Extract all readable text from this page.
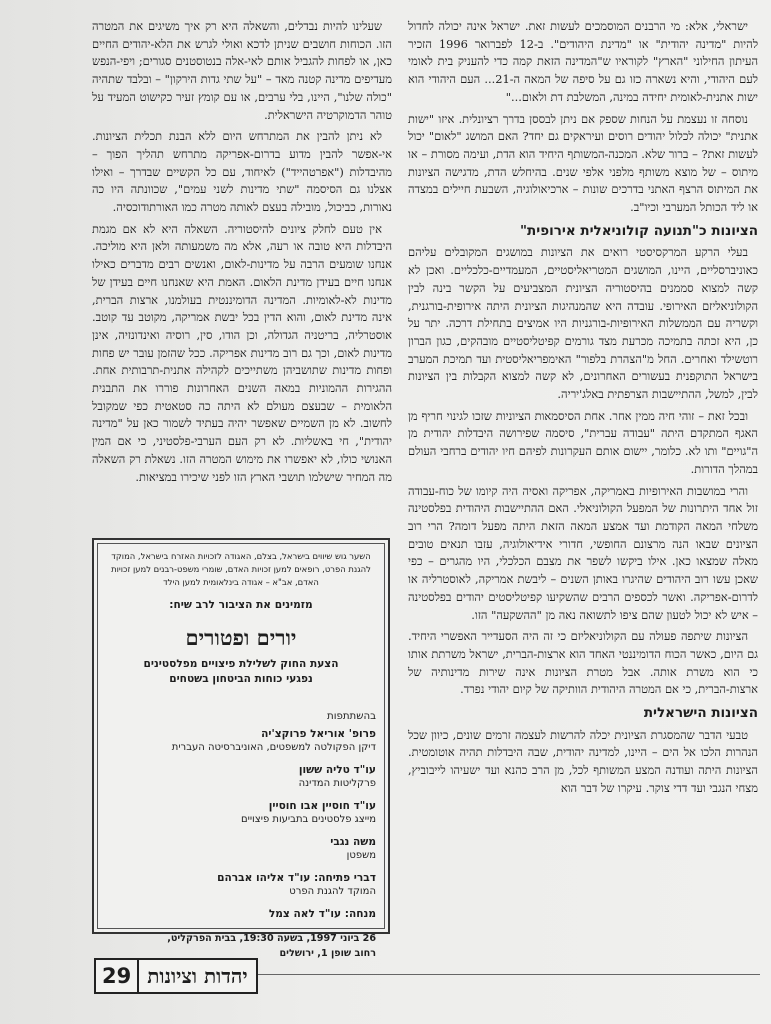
ישראלי, אלא: מי הרבנים המוסמכים לעשות זאת. ישראל אינה יכולה לחדול להיות "מדינה יהודית" או "מדינת היהודים". ב-12 לפברואר 1996 הזכיר העיתון החילוני "הארץ" לקוראיו ש"המדינה הזאת קמה כדי להעניק בית לאומי לעם היהודי, והיא נשארה כזו גם על סיפה של המאה ה-21... העם היהודי הוא ישות אתנית-לאומית יחידה במינה, המשלבת דת ולאום..."

נוסחה זו נעצמת על הנחות שספק אם ניתן לבססן בדרך רציונלית. איזו "ישות אתנית" יכולה לכלול יהודים רוסים ועיראקים גם יחד? האם המושג "לאום" יכול לעשות זאת? – ברור שלא. המכנה-המשותף היחיד הוא הדת, ועימה מסורת – או מיתוס – של מוצא משותף מלפני אלפי שנים. בהיחלש הדת, מדגישה הציונות את המיתוס הרצף האתני בדרכים שונות – ארכיאולוגיה, השבעת חיילים במצדה או ליד הכותל המערבי וכיו"ב.

הציונות כ"תנועה קולוניאלית אירופית"

בעלי הרקע המרקסיסטי רואים את הציונות במושגים המקובלים עליהם כאוניברסליים, היינו, המושגים המטריאליסטיים, המעמדיים-כלכליים. ואכן לא קשה למצוא סממנים בהיסטוריה הציונית המצביעים על הקשר בינה לבין הקולוניאליזם האירופי. עובדה היא שהמנהיגות הציונית היתה אירופית-בורגנית, וקשריה עם הממשלות האירופיות-בורגניות היו אמיצים בתחילת דרכה. יתר על כן, היא זכתה בתמיכה מכרעת מצד גורמים קפיטליסטיים מובהקים, כגון הברון רוטשילד ואחרים. החל מ"הצהרת בלפור" האימפריאליסטית ועד תמיכת המערב בישראל התוקפנית בעשורים האחרונים, לא קשה למצוא הקבלות בין הציונות לבין, למשל, ההתיישבות הצרפתית באלג'יריה.

ובכל זאת – זוהי חיה ממין אחר. אחת הסיסמאות הציוניות שזכו לגינוי חריף מן האגף המתקדם היתה "עבודה עברית", סיסמה שפירושה היבדלות יהודית מן ה"גויים" ותו לא. כלומר, יישום אותם העקרונות לפיהם חיו יהודים ברחבי העולם במהלך הדורות.

והרי במושבות האירופיות באמריקה, אפריקה ואסיה היה קיומו של כוח-עבודה זול אחד היתרונות של המפעל הקולוניאלי. האם ההתיישבות היהודית בפלסטינה משלחי המאה הקודמת ועד אמצע המאה הזאת היתה מפעל דומה? הרי רוב הציונים שבאו הנה מרצונם החופשי, חדורי אידיאולוגיה, עזבו תנאים טובים מאלה שמצאו כאן. אילו ביקשו לשפר את מצבם הכלכלי, היו מהגרים – כפי שאכן עשו רוב היהודים שהיגרו באותן השנים – ליבשת אמריקה, לאוסטרליה או לדרום-אפריקה. ואשר לכספים הרבים שהשקיעו קפיטליסטים יהודים בפלסטינה – איש לא יכול לטעון שהם ציפו לתשואה נאה מן "ההשקעה" הזו.

הציונות שיתפה פעולה עם הקולוניאליזם כי זה היה הסעדייר האפשרי היחיד. גם היום, כאשר הכוח הדומיננטי האחד הוא ארצות-הברית, ישראל משרתת אותו כי הוא משרת אותה. אבל מטרת הציונות אינה שירות מדינותיה של ארצות-הברית, כי אם המטרה היהודית הוותיקה של קיום יהודי נפרד.

הציונות הישראלית

טבעי הדבר שהמסגרת הציונית יכלה להרשות לעצמה זרמים שונים, כיוון שכל הנהרות הלכו אל הים – היינו, למדינה יהודית, שבה היבדלות תהיה אוטומטית. הציונות היתה ועודנה המצע המשותף לכל, מן הרב כהנא ועד ישעיהו לייבוביץ, מצחי הנגבי ועד דדי צוקר. עיקרו של דבר הוא

שעלינו להיות נבדלים, והשאלה היא רק איך משיגים את המטרה הזו. הכוחות חושבים שניתן לדכא ואולי לגרש את הלא-יהודים החיים כאן, או לפחות להגביל אותם לאי-אלה בנטוסטנים סגורים; ויפי-הנפש מעדיפים מדינה קטנה מאד – "על שתי גדות הירקון" – ובלבד שתהיה "כולה שלנו", היינו, בלי ערבים, או עם קומץ זעיר כקישוט המעיד על טוהר הדמוקרטיה הישראלית.

לא ניתן להבין את המתרחש היום ללא הבנת תכלית הציונות. אי-אפשר להבין מדוע בדרום-אפריקה מתרחש תהליך הפוך – מהיבדלות ("אפרטהייד") לאיחוד, עם כל הקשיים שבדרך – ואילו אצלנו גם הסיסמה "שתי מדינות לשני עמים", שכוונתה היו כה נאורות, כביכול, מובילה בעצם לאותה מטרה כמו האורתודוכסיה.

אין טעם לחלק ציונים להיסטוריה. השאלה היא לא אם מגמת היבדלות היא טובה או רעה, אלא מה משמעותה ולאן היא מוליכה. אנחנו שומעים הרבה על מדינות-לאום, ואנשים רבים מדברים כאילו אנחנו חיים בעידן מדינת הלאום. האמת היא שאנחנו חיים בעידן של מדינות לא-לאומיות. המדינה הדומיננטית בעולמנו, ארצות הברית, אינה מדינת לאום, והוא הדין בכל יבשת אמריקה, מקוטב עד קוטב. אוסטרליה, בריטניה הגדולה, וכן הודו, סין, רוסיה ואינדונזיה, אינן מדינות לאום, וכך גם רוב מדינות אפריקה. ככל שהזמן עובר יש פחות ופחות מדינות שתושביהן משתייכים לקהילה אתנית-תרבותית אחת. ההגירות ההמוניות במאה השנים האחרונות פוררו את התבנית הלאומית – שבעצם מעולם לא היתה כה סטאטית כפי שמקובל לחשוב. לא מן השמיים שאפשר יהיה בעתיד לשמור כאן על "מדינה יהודית", חי באשליות. לא רק העם הערבי-פלסטיני, כי אם המין האנושי כולו, לא יאפשרו את מימוש המטרה הזו. נשאלת רק השאלה מה המחיר שישלמו תושבי הארץ הזו לפני שיכירו במציאות.

השער גוש שיווים בישראל, בצלם, האגודה לזכויות האזרח בישראל, המוקד להגנת הפרט, רופאים למען זכויות האדם, שומרי משפט-רבנים למען זכויות האדם, אב"א – אגודה בינלאומית למען הילד
מזמינים את הציבור לרב שיח:
יורים ופטורים
הצעת החוק לשלילת פיצויים מפלסטינים
נפגעי כוחות הביטחון בשטחים
בהשתתפות
פרופ' אוריאל פרוקצ'יה
דיקן הפקולטה למשפטים, האוניברסיטה העברית
עו"ד טליה ששון
פרקליטות המדינה
עו"ד חוסיין אבו חוסיין
מייצג פלסטינים בתביעות פיצויים
משה נגבי
משפטן
דברי פתיחה: עו"ד אליהו אברהם
המוקד להגנת הפרט
מנחה: עו"ד לאה צמל
26 ביוני 1997, בשעה 19:30, בבית הפרקליט,
רחוב שופן 1, ירושלים
29 יהדות וציונות
